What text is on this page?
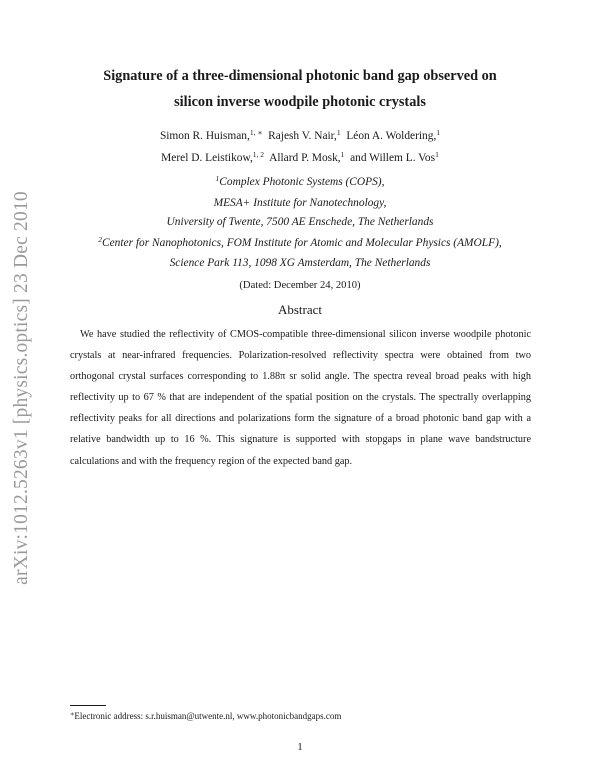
arXiv:1012.5263v1 [physics.optics] 23 Dec 2010
Signature of a three-dimensional photonic band gap observed on
silicon inverse woodpile photonic crystals
Simon R. Huisman,$^{1, ∗}$ Rajesh V. Nair,$^1$ Léon A. Woldering,$^1$
Merel D. Leistikow,$^{1, 2}$ Allard P. Mosk,$^1$ and Willem L. Vos$^1$
$^1$Complex Photonic Systems (COPS),
MESA+ Institute for Nanotechnology,
University of Twente, 7500 AE Enschede, The Netherlands
$^2$Center for Nanophotonics, FOM Institute for Atomic and Molecular Physics (AMOLF),
Science Park 113, 1098 XG Amsterdam, The Netherlands
(Dated: December 24, 2010)
Abstract

We have studied the reflectivity of CMOS-compatible three-dimensional silicon inverse woodpile photonic crystals at near-infrared frequencies. Polarization-resolved reflectivity spectra were obtained from two orthogonal crystal surfaces corresponding to 1.88π sr solid angle. The spectra reveal broad peaks with high reflectivity up to 67 % that are independent of the spatial position on the crystals. The spectrally overlapping reflectivity peaks for all directions and polarizations form the signature of a broad photonic band gap with a relative bandwidth up to 16 %. This signature is supported with stopgaps in plane wave bandstructure calculations and with the frequency region of the expected band gap.

∗Electronic address: s.r.huisman@utwente.nl, www.photonicbandgaps.com
1
